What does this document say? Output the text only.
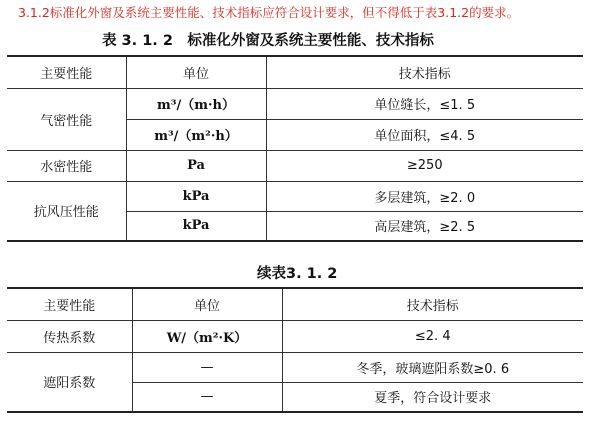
3.1.2标准化外窗及系统主要性能、技术指标应符合设计要求，但不得低于表3.1.2的要求。
表 3. 1. 2　标准化外窗及系统主要性能、技术指标
主要性能	单位	技术指标
气密性能	m³/（m·h）	单位缝长，≤1. 5
	m³/（m²·h）	单位面积，≤4. 5
水密性能	Pa	≥250
抗风压性能	kPa	多层建筑，≥2. 0
	kPa	高层建筑，≥2. 5
续表3. 1. 2
主要性能	单位	技术指标
传热系数	W/（m²·K）	≤2. 4
遮阳系数	—	冬季，玻璃遮阳系数≥0. 6
	—	夏季，符合设计要求
